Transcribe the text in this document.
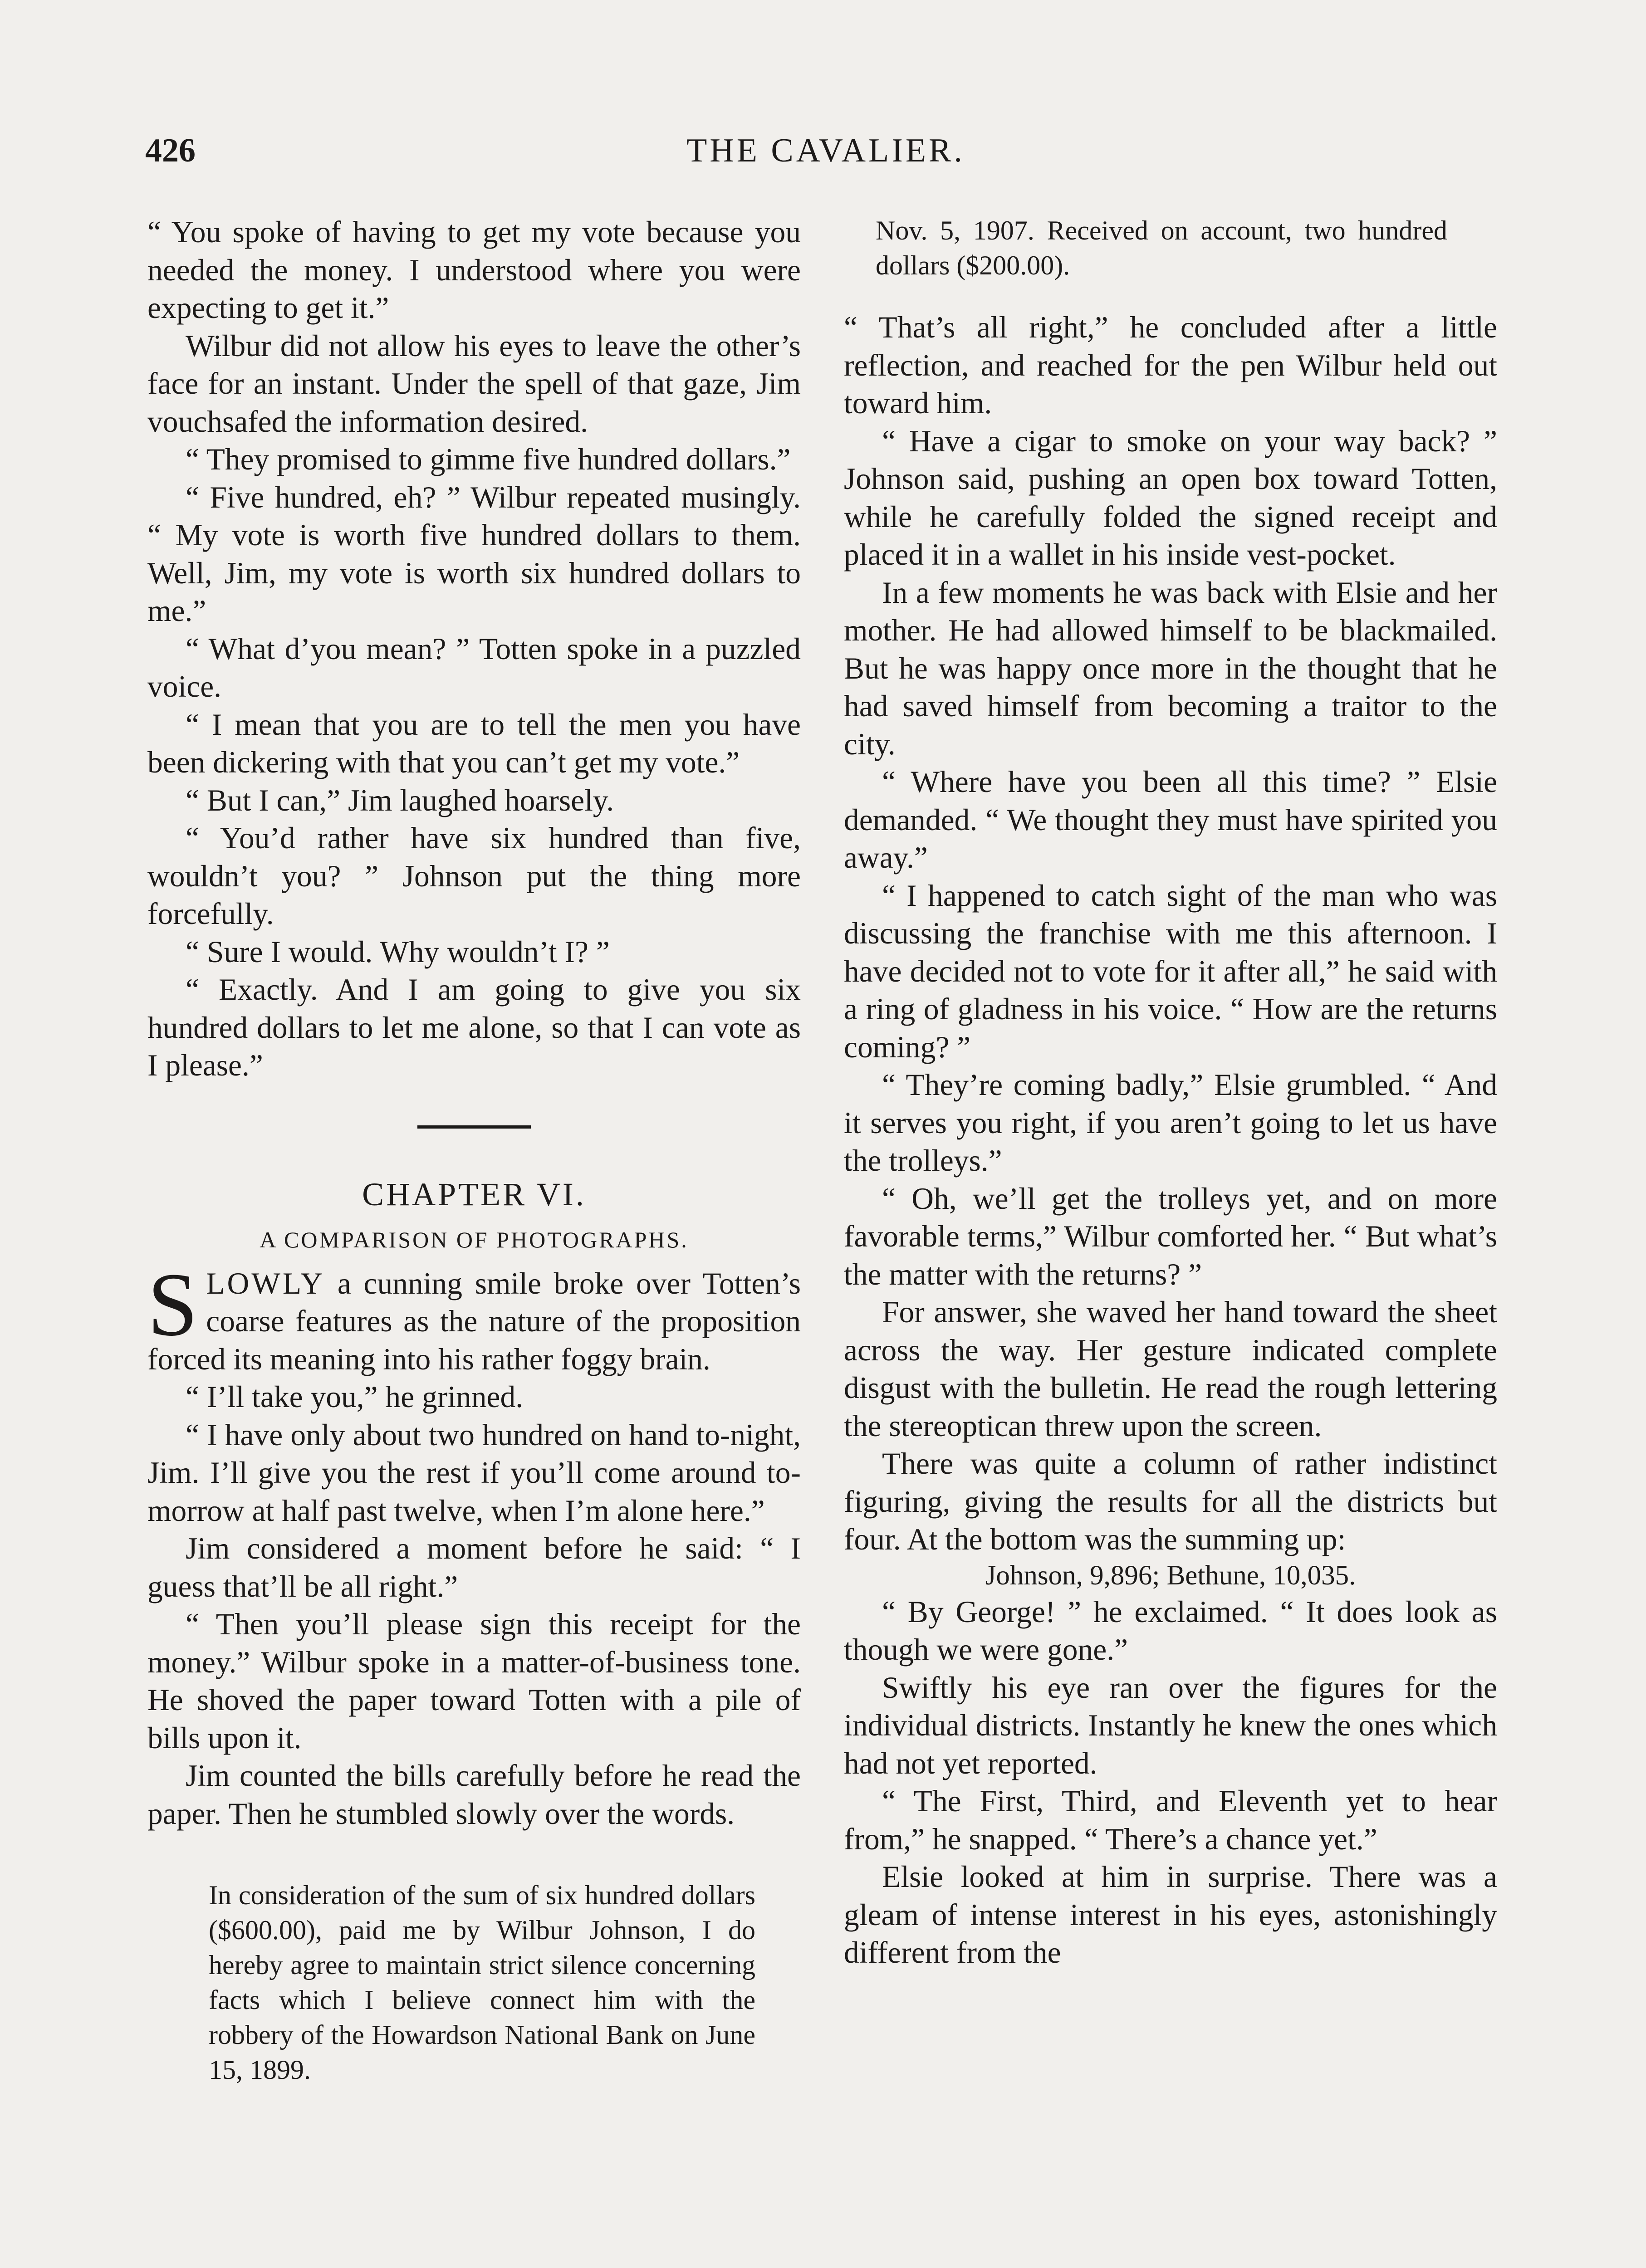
426	THE CAVALIER.

“ You spoke of having to get my vote because you needed the money. I understood where you were expecting to get it.”

Wilbur did not allow his eyes to leave the other’s face for an instant. Under the spell of that gaze, Jim vouchsafed the information desired.

“ They promised to gimme five hundred dollars.”

“ Five hundred, eh? ” Wilbur repeated musingly. “ My vote is worth five hundred dollars to them. Well, Jim, my vote is worth six hundred dollars to me.”

“ What d’you mean? ” Totten spoke in a puzzled voice.

“ I mean that you are to tell the men you have been dickering with that you can’t get my vote.”

“ But I can,” Jim laughed hoarsely.

“ You’d rather have six hundred than five, wouldn’t you? ” Johnson put the thing more forcefully.

“ Sure I would. Why wouldn’t I? ”

“ Exactly. And I am going to give you six hundred dollars to let me alone, so that I can vote as I please.”

CHAPTER VI.
A COMPARISON OF PHOTOGRAPHS.

SLOWLY a cunning smile broke over Totten’s coarse features as the nature of the proposition forced its meaning into his rather foggy brain.

“ I’ll take you,” he grinned.

“ I have only about two hundred on hand to-night, Jim. I’ll give you the rest if you’ll come around to-morrow at half past twelve, when I’m alone here.”

Jim considered a moment before he said: “ I guess that’ll be all right.”

“ Then you’ll please sign this receipt for the money.” Wilbur spoke in a matter-of-business tone. He shoved the paper toward Totten with a pile of bills upon it.

Jim counted the bills carefully before he read the paper. Then he stumbled slowly over the words.

In consideration of the sum of six hundred dollars ($600.00), paid me by Wilbur Johnson, I do hereby agree to maintain strict silence concerning facts which I believe connect him with the robbery of the Howardson National Bank on June 15, 1899.

Nov. 5, 1907. Received on account, two hundred dollars ($200.00).

“ That’s all right,” he concluded after a little reflection, and reached for the pen Wilbur held out toward him.

“ Have a cigar to smoke on your way back? ” Johnson said, pushing an open box toward Totten, while he carefully folded the signed receipt and placed it in a wallet in his inside vest-pocket.

In a few moments he was back with Elsie and her mother. He had allowed himself to be blackmailed. But he was happy once more in the thought that he had saved himself from becoming a traitor to the city.

“ Where have you been all this time? ” Elsie demanded. “ We thought they must have spirited you away.”

“ I happened to catch sight of the man who was discussing the franchise with me this afternoon. I have decided not to vote for it after all,” he said with a ring of gladness in his voice. “ How are the returns coming? ”

“ They’re coming badly,” Elsie grumbled. “ And it serves you right, if you aren’t going to let us have the trolleys.”

“ Oh, we’ll get the trolleys yet, and on more favorable terms,” Wilbur comforted her. “ But what’s the matter with the returns? ”

For answer, she waved her hand toward the sheet across the way. Her gesture indicated complete disgust with the bulletin. He read the rough lettering the stereoptican threw upon the screen.

There was quite a column of rather indistinct figuring, giving the results for all the districts but four. At the bottom was the summing up:

Johnson, 9,896; Bethune, 10,035.

“ By George! ” he exclaimed. “ It does look as though we were gone.”

Swiftly his eye ran over the figures for the individual districts. Instantly he knew the ones which had not yet reported.

“ The First, Third, and Eleventh yet to hear from,” he snapped. “ There’s a chance yet.”

Elsie looked at him in surprise. There was a gleam of intense interest in his eyes, astonishingly different from the
